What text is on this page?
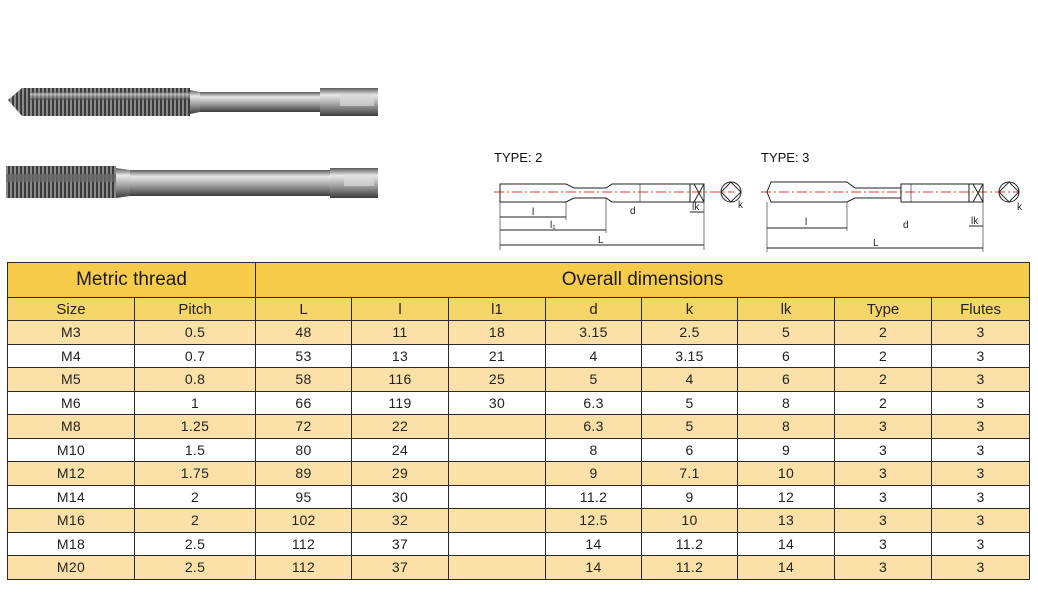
TYPE: 2
l
l₁
L
d	lk	k
TYPE: 3
l
L
d	lk
k
Metric thread		Overall dimensions							
Size	Pitch	L	l	l1	d	k	lk	Type	Flutes
M3	0.5	48	11	18	3.15	2.5	5	2	3
M4	0.7	53	13	21	4	3.15	6	2	3
M5	0.8	58	116	25	5	4	6	2	3
M6	1	66	119	30	6.3	5	8	2	3
M8	1.25	72	22		6.3	5	8	3	3
M10	1.5	80	24		8	6	9	3	3
M12	1.75	89	29		9	7.1	10	3	3
M14	2	95	30		11.2	9	12	3	3
M16	2	102	32		12.5	10	13	3	3
M18	2.5	112	37		14	11.2	14	3	3
M20	2.5	112	37		14	11.2	14	3	3
